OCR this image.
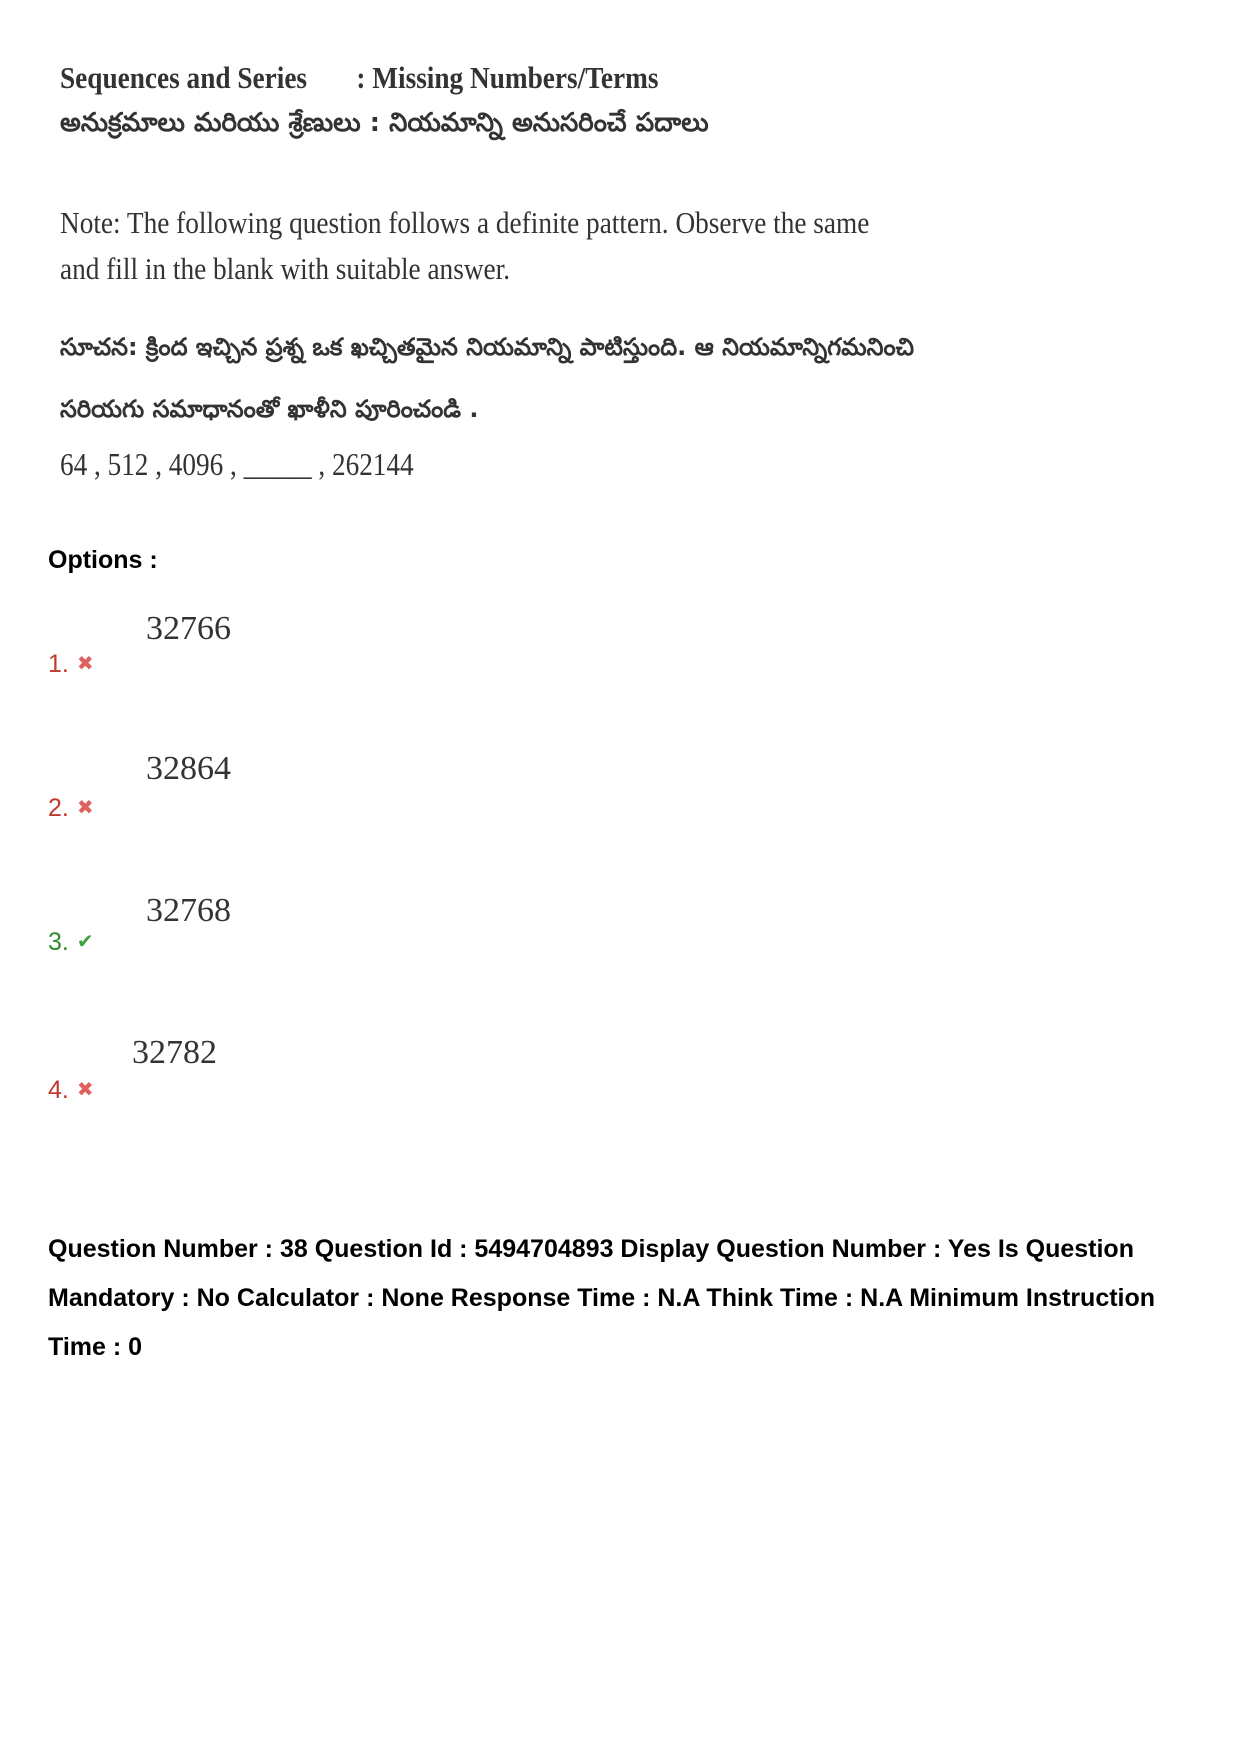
Sequences and Series : Missing Numbers/Terms
అనుక్రమాలు మరియు శ్రేణులు : నియమాన్ని అనుసరించే పదాలు
Note: The following question follows a definite pattern. Observe the same and fill in the blank with suitable answer.
సూచన: క్రింద ఇచ్చిన ప్రశ్న ఒక ఖచ్చితమైన నియమాన్ని పాటిస్తుంది. ఆ నియమాన్నిగమనించి సరియగు సమాధానంతో ఖాళీని పూరించండి .
64 , 512 , 4096 , _____ , 262144
Options :
1. ✖
32766
2. ✖
32864
3. ✔
32768
4. ✖
32782
Question Number : 38 Question Id : 5494704893 Display Question Number : Yes Is Question Mandatory : No Calculator : None Response Time : N.A Think Time : N.A Minimum Instruction Time : 0
